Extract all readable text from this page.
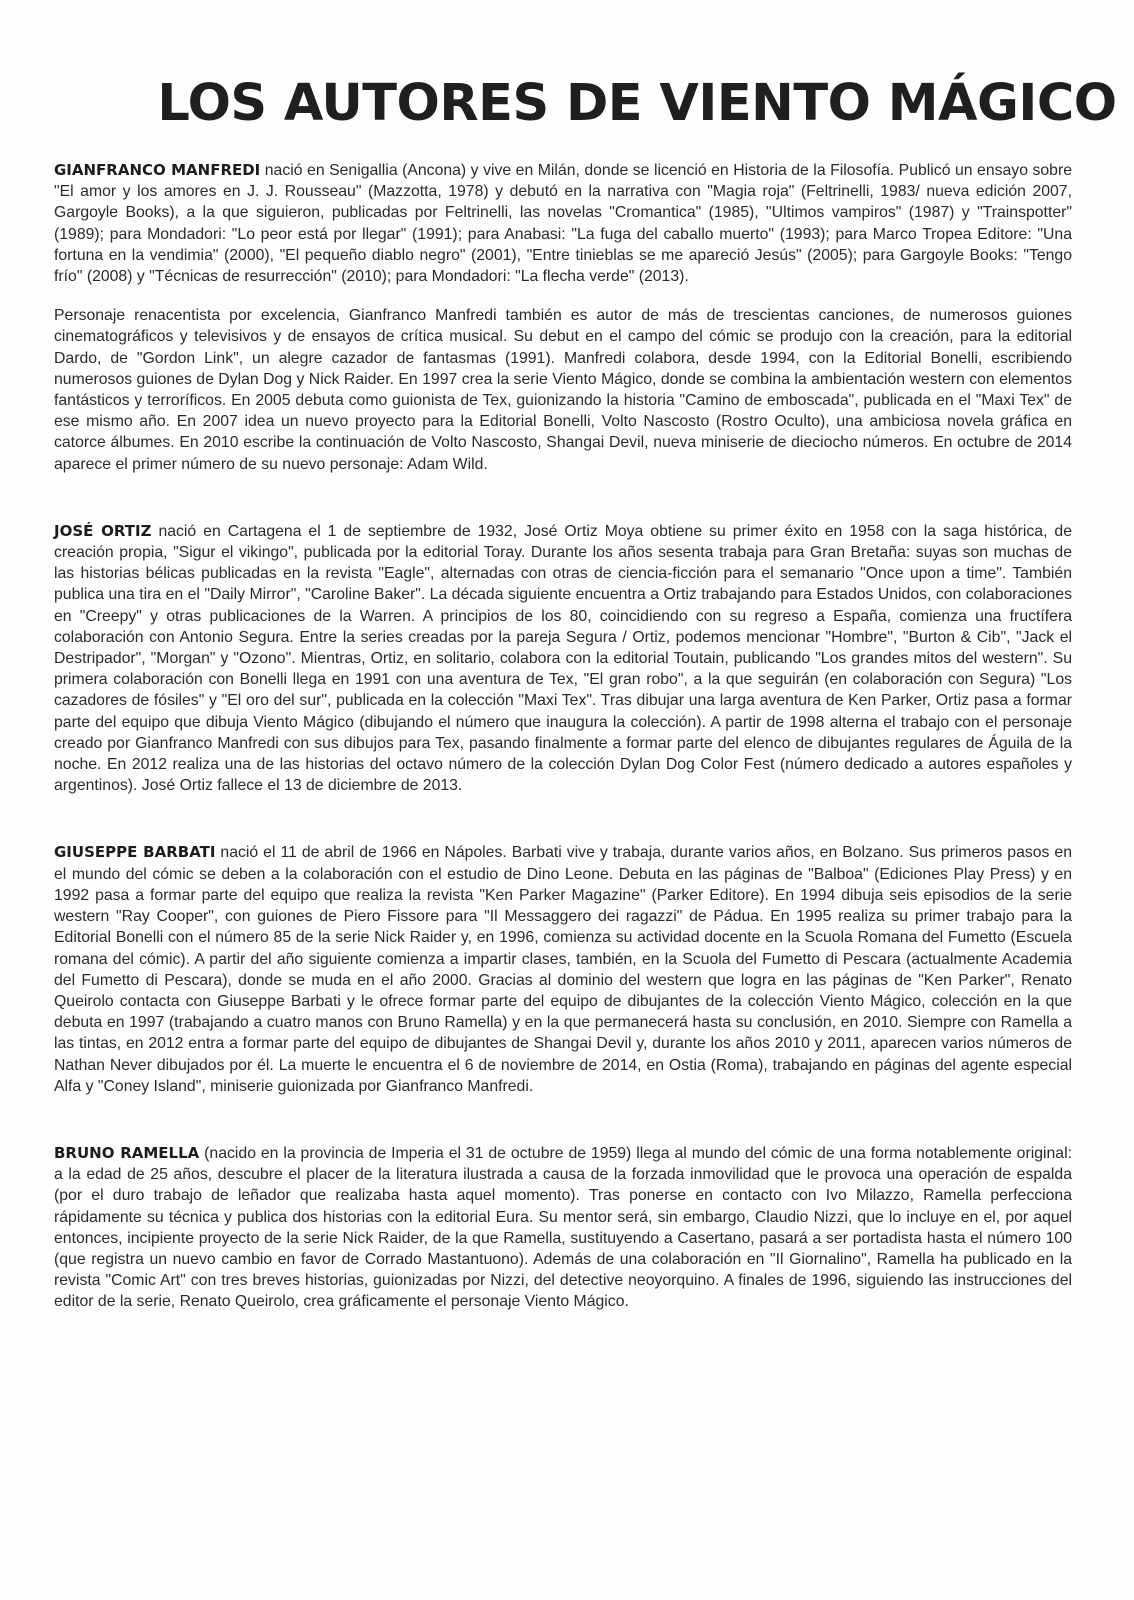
LOS AUTORES DE VIENTO MÁGICO

GIANFRANCO MANFREDI nació en Senigallia (Ancona) y vive en Milán, donde se licenció en Historia de la Filosofía. Publicó un ensayo sobre "El amor y los amores en J. J. Rousseau" (Mazzotta, 1978) y debutó en la narrativa con "Magia roja" (Feltrinelli, 1983/ nueva edición 2007, Gargoyle Books), a la que siguieron, publicadas por Feltrinelli, las novelas "Cromantica" (1985), "Ultimos vampiros" (1987) y "Trainspotter" (1989); para Mondadori: "Lo peor está por llegar" (1991); para Anabasi: "La fuga del caballo muerto" (1993); para Marco Tropea Editore: "Una fortuna en la vendimia" (2000), "El pequeño diablo negro" (2001), "Entre tinieblas se me apareció Jesús" (2005); para Gargoyle Books: "Tengo frío" (2008) y "Técnicas de resurrección" (2010); para Mondadori: "La flecha verde" (2013).

Personaje renacentista por excelencia, Gianfranco Manfredi también es autor de más de trescientas canciones, de numerosos guiones cinematográficos y televisivos y de ensayos de crítica musical. Su debut en el campo del cómic se produjo con la creación, para la editorial Dardo, de "Gordon Link", un alegre cazador de fantasmas (1991). Manfredi colabora, desde 1994, con la Editorial Bonelli, escribiendo numerosos guiones de Dylan Dog y Nick Raider. En 1997 crea la serie Viento Mágico, donde se combina la ambientación western con elementos fantásticos y terroríficos. En 2005 debuta como guionista de Tex, guionizando la historia "Camino de emboscada", publicada en el "Maxi Tex" de ese mismo año. En 2007 idea un nuevo proyecto para la Editorial Bonelli, Volto Nascosto (Rostro Oculto), una ambiciosa novela gráfica en catorce álbumes. En 2010 escribe la continuación de Volto Nascosto, Shangai Devil, nueva miniserie de dieciocho números. En octubre de 2014 aparece el primer número de su nuevo personaje: Adam Wild.

JOSÉ ORTIZ nació en Cartagena el 1 de septiembre de 1932, José Ortiz Moya obtiene su primer éxito en 1958 con la saga histórica, de creación propia, "Sigur el vikingo", publicada por la editorial Toray. Durante los años sesenta trabaja para Gran Bretaña: suyas son muchas de las historias bélicas publicadas en la revista "Eagle", alternadas con otras de ciencia-ficción para el semanario "Once upon a time". También publica una tira en el "Daily Mirror", "Caroline Baker". La década siguiente encuentra a Ortiz trabajando para Estados Unidos, con colaboraciones en "Creepy" y otras publicaciones de la Warren. A principios de los 80, coincidiendo con su regreso a España, comienza una fructífera colaboración con Antonio Segura. Entre la series creadas por la pareja Segura / Ortiz, podemos mencionar "Hombre", "Burton & Cib", "Jack el Destripador", "Morgan" y "Ozono". Mientras, Ortiz, en solitario, colabora con la editorial Toutain, publicando "Los grandes mitos del western". Su primera colaboración con Bonelli llega en 1991 con una aventura de Tex, "El gran robo", a la que seguirán (en colaboración con Segura) "Los cazadores de fósiles" y "El oro del sur", publicada en la colección "Maxi Tex". Tras dibujar una larga aventura de Ken Parker, Ortiz pasa a formar parte del equipo que dibuja Viento Mágico (dibujando el número que inaugura la colección). A partir de 1998 alterna el trabajo con el personaje creado por Gianfranco Manfredi con sus dibujos para Tex, pasando finalmente a formar parte del elenco de dibujantes regulares de Águila de la noche. En 2012 realiza una de las historias del octavo número de la colección Dylan Dog Color Fest (número dedicado a autores españoles y argentinos). José Ortiz fallece el 13 de diciembre de 2013.

GIUSEPPE BARBATI nació el 11 de abril de 1966 en Nápoles. Barbati vive y trabaja, durante varios años, en Bolzano. Sus primeros pasos en el mundo del cómic se deben a la colaboración con el estudio de Dino Leone. Debuta en las páginas de "Balboa" (Ediciones Play Press) y en 1992 pasa a formar parte del equipo que realiza la revista "Ken Parker Magazine" (Parker Editore). En 1994 dibuja seis episodios de la serie western "Ray Cooper", con guiones de Piero Fissore para "Il Messaggero dei ragazzi" de Pádua. En 1995 realiza su primer trabajo para la Editorial Bonelli con el número 85 de la serie Nick Raider y, en 1996, comienza su actividad docente en la Scuola Romana del Fumetto (Escuela romana del cómic). A partir del año siguiente comienza a impartir clases, también, en la Scuola del Fumetto di Pescara (actualmente Academia del Fumetto di Pescara), donde se muda en el año 2000. Gracias al dominio del western que logra en las páginas de "Ken Parker", Renato Queirolo contacta con Giuseppe Barbati y le ofrece formar parte del equipo de dibujantes de la colección Viento Mágico, colección en la que debuta en 1997 (trabajando a cuatro manos con Bruno Ramella) y en la que permanecerá hasta su conclusión, en 2010. Siempre con Ramella a las tintas, en 2012 entra a formar parte del equipo de dibujantes de Shangai Devil y, durante los años 2010 y 2011, aparecen varios números de Nathan Never dibujados por él. La muerte le encuentra el 6 de noviembre de 2014, en Ostia (Roma), trabajando en páginas del agente especial Alfa y "Coney Island", miniserie guionizada por Gianfranco Manfredi.

BRUNO RAMELLA (nacido en la provincia de Imperia el 31 de octubre de 1959) llega al mundo del cómic de una forma notablemente original: a la edad de 25 años, descubre el placer de la literatura ilustrada a causa de la forzada inmovilidad que le provoca una operación de espalda (por el duro trabajo de leñador que realizaba hasta aquel momento). Tras ponerse en contacto con Ivo Milazzo, Ramella perfecciona rápidamente su técnica y publica dos historias con la editorial Eura. Su mentor será, sin embargo, Claudio Nizzi, que lo incluye en el, por aquel entonces, incipiente proyecto de la serie Nick Raider, de la que Ramella, sustituyendo a Casertano, pasará a ser portadista hasta el número 100 (que registra un nuevo cambio en favor de Corrado Mastantuono). Además de una colaboración en "Il Giornalino", Ramella ha publicado en la revista "Comic Art" con tres breves historias, guionizadas por Nizzi, del detective neoyorquino. A finales de 1996, siguiendo las instrucciones del editor de la serie, Renato Queirolo, crea gráficamente el personaje Viento Mágico.
